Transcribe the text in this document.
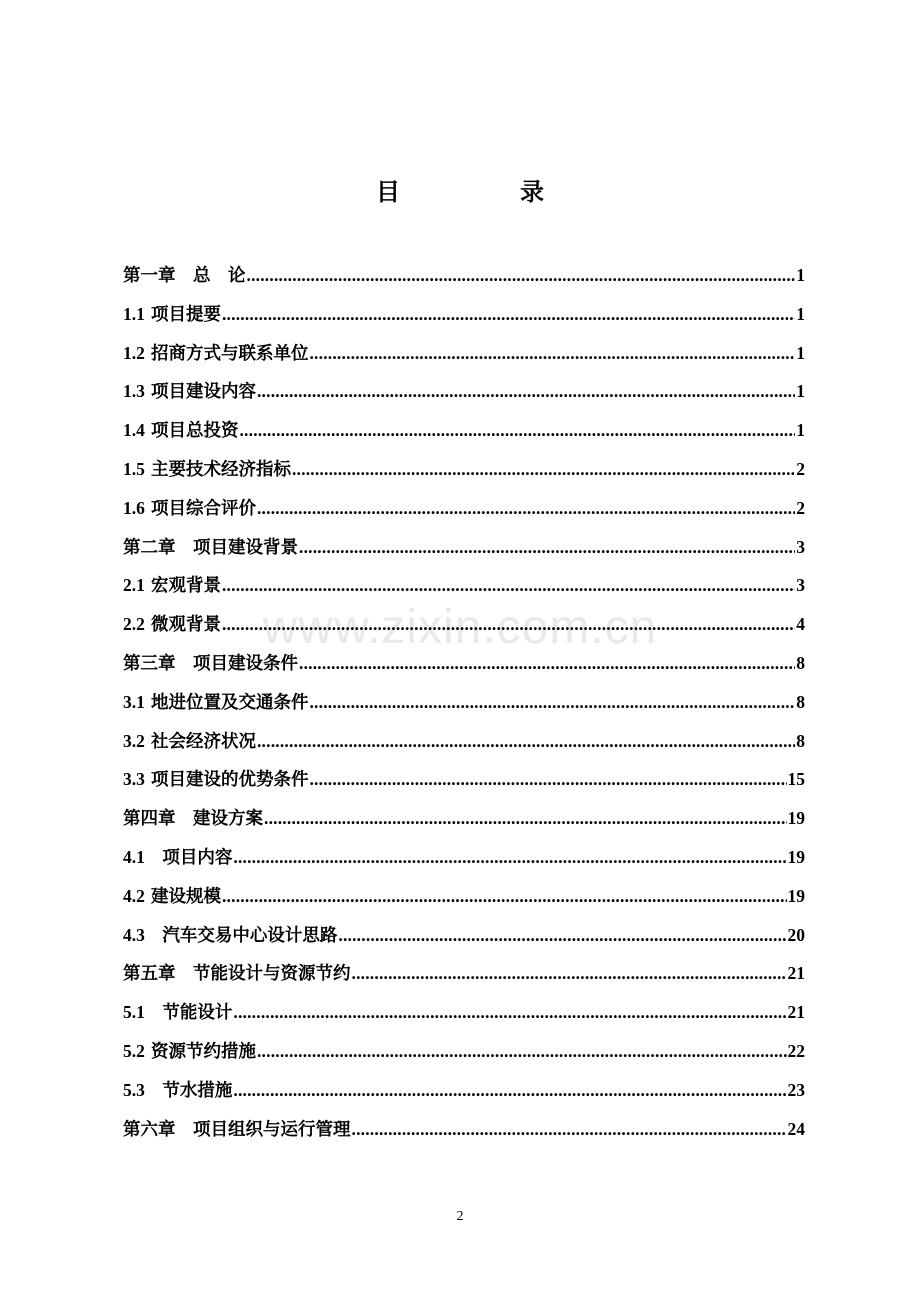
目　录
www.zixin.com.cn
第一章　总　论 .....	1
1.1 项目提要 .....	1
1.2 招商方式与联系单位 .....	1
1.3 项目建设内容 .....	1
1.4 项目总投资 .....	1
1.5 主要技术经济指标 .....	2
1.6 项目综合评价 .....	2
第二章　项目建设背景 .....	3
2.1 宏观背景 .....	3
2.2 微观背景 .....	4
第三章　项目建设条件 .....	8
3.1 地进位置及交通条件 .....	8
3.2 社会经济状况 .....	8
3.3 项目建设的优势条件 .....	15
第四章　建设方案 .....	19
4.1　项目内容 .....	19
4.2 建设规模 .....	19
4.3　汽车交易中心设计思路 .....	20
第五章　节能设计与资源节约 .....	21
5.1　节能设计 .....	21
5.2 资源节约措施 .....	22
5.3　节水措施 .....	23
第六章　项目组织与运行管理 .....	24
2
